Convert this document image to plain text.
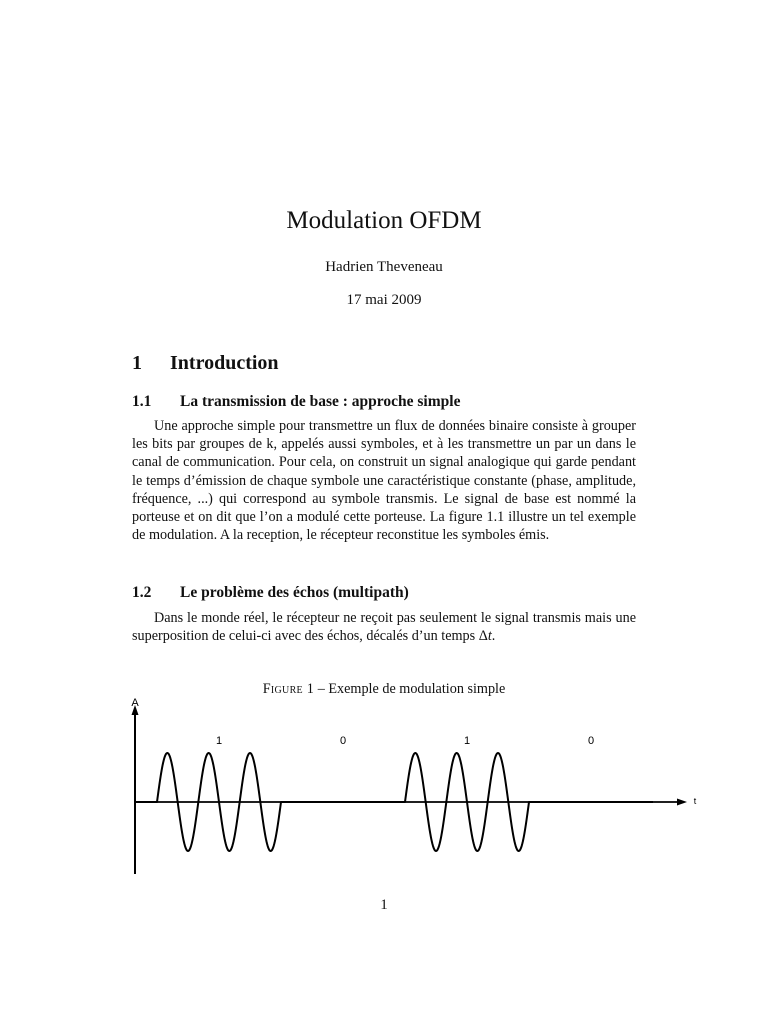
Modulation OFDM
Hadrien Theveneau
17 mai 2009
1 Introduction
1.1 La transmission de base : approche simple

Une approche simple pour transmettre un flux de données binaire consiste à grouper les bits par groupes de k, appelés aussi symboles, et à les transmettre un par un dans le canal de communication. Pour cela, on construit un signal analogique qui garde pendant le temps d’émission de chaque symbole une caractéristique constante (phase, amplitude, fréquence, ...) qui correspond au symbole transmis. Le signal de base est nommé la porteuse et on dit que l’on a modulé cette porteuse. La figure 1.1 illustre un tel exemple de modulation. A la reception, le récepteur reconstitue les symboles émis.

1.2 Le problème des échos (multipath)

Dans le monde réel, le récepteur ne reçoit pas seulement le signal transmis mais une superposition de celui-ci avec des échos, décalés d’un temps Δt.

Figure 1 – Exemple de modulation simple
A
t
1	0	1	0
1
